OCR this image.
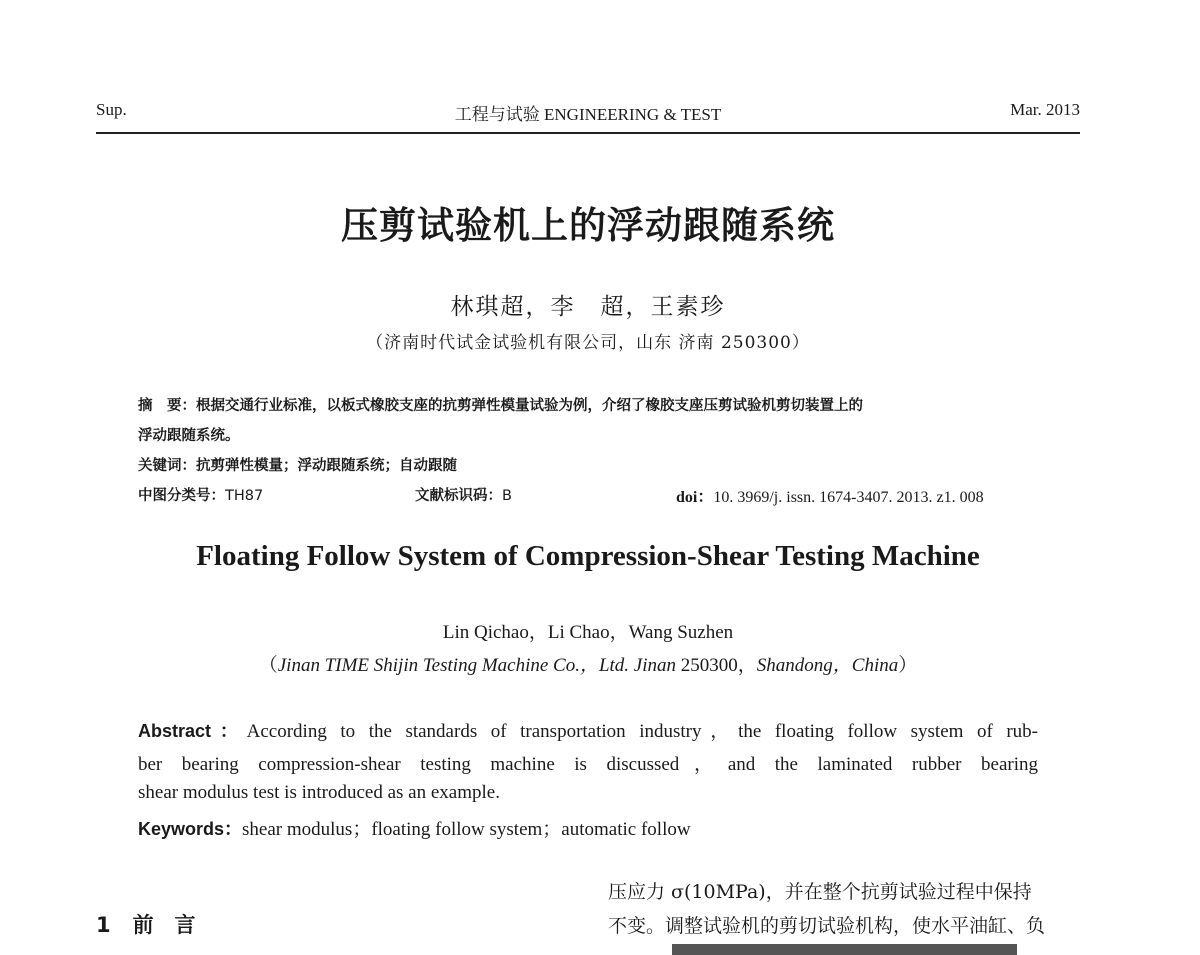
Sup.	工程与试验 ENGINEERING & TEST	Mar. 2013
压剪试验机上的浮动跟随系统
林琪超，李　超，王素珍
（济南时代试金试验机有限公司，山东 济南 250300）
摘　要：根据交通行业标准，以板式橡胶支座的抗剪弹性模量试验为例，介绍了橡胶支座压剪试验机剪切装置上的
浮动跟随系统。
关键词：抗剪弹性模量；浮动跟随系统；自动跟随
中图分类号：TH87	文献标识码：B	doi：10. 3969/j. issn. 1674-3407. 2013. z1. 008
Floating Follow System of Compression-Shear Testing Machine
Lin Qichao，Li Chao，Wang Suzhen
（Jinan TIME Shijin Testing Machine Co.，Ltd. Jinan 250300，Shandong，China）
Abstract：According to the standards of transportation industry，the floating follow system of rub-
ber bearing compression-shear testing machine is discussed，and the laminated rubber bearing
shear modulus test is introduced as an example.
Keywords：shear modulus；floating follow system；automatic follow
1 前　言
压应力 σ(10MPa)，并在整个抗剪试验过程中保持
不变。调整试验机的剪切试验机构，使水平油缸、负
